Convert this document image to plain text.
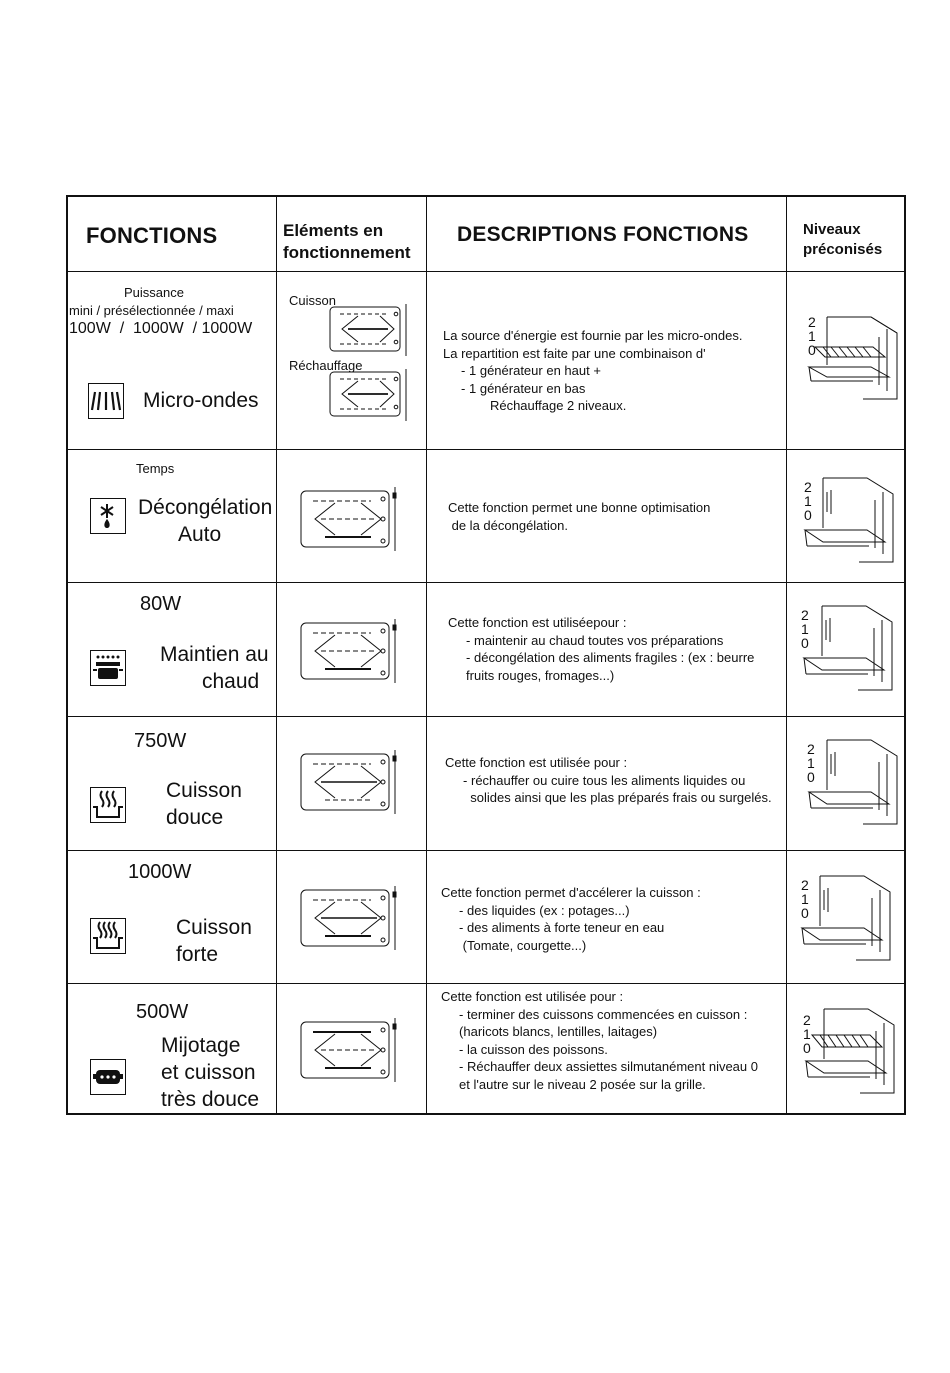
FONCTIONS	Eléments en
fonctionnement
DESCRIPTIONS FONCTIONS	Niveaux
préconisés
Puissance
mini / présélectionnée / maxi
100W  /  1000W  / 1000W
Micro-ondes
Cuisson
Réchauffage
La source d'énergie est fournie par les micro-ondes.
La repartition est faite par une combinaison d'
- 1 générateur en haut +
- 1 générateur en bas
Réchauffage 2 niveaux.
2
1
0
Temps
Décongélation
Auto
Cette fonction permet une bonne optimisation
de la décongélation.
2
1
0
80W
Maintien au
chaud
Cette fonction est utiliséepour :
- maintenir au chaud toutes vos préparations
- décongélation des aliments fragiles : (ex : beurre
fruits rouges, fromages...)
2
1
0
750W
Cuisson
douce
Cette fonction est utilisée pour :
- réchauffer ou cuire tous les aliments liquides ou
solides ainsi que les plas préparés frais ou surgelés.
2
1
0
1000W
Cuisson
forte
Cette fonction permet d'accélerer la cuisson :
- des liquides (ex : potages...)
- des aliments à forte teneur en eau
(Tomate, courgette...)
2
1
0
500W
Mijotage
et cuisson
très douce
Cette fonction est utilisée pour :
- terminer des cuissons commencées en cuisson :
(haricots blancs, lentilles, laitages)
- la cuisson des poissons.
- Réchauffer deux assiettes silmutanément niveau 0
et l'autre sur le niveau 2 posée sur la grille.
2
1
0
